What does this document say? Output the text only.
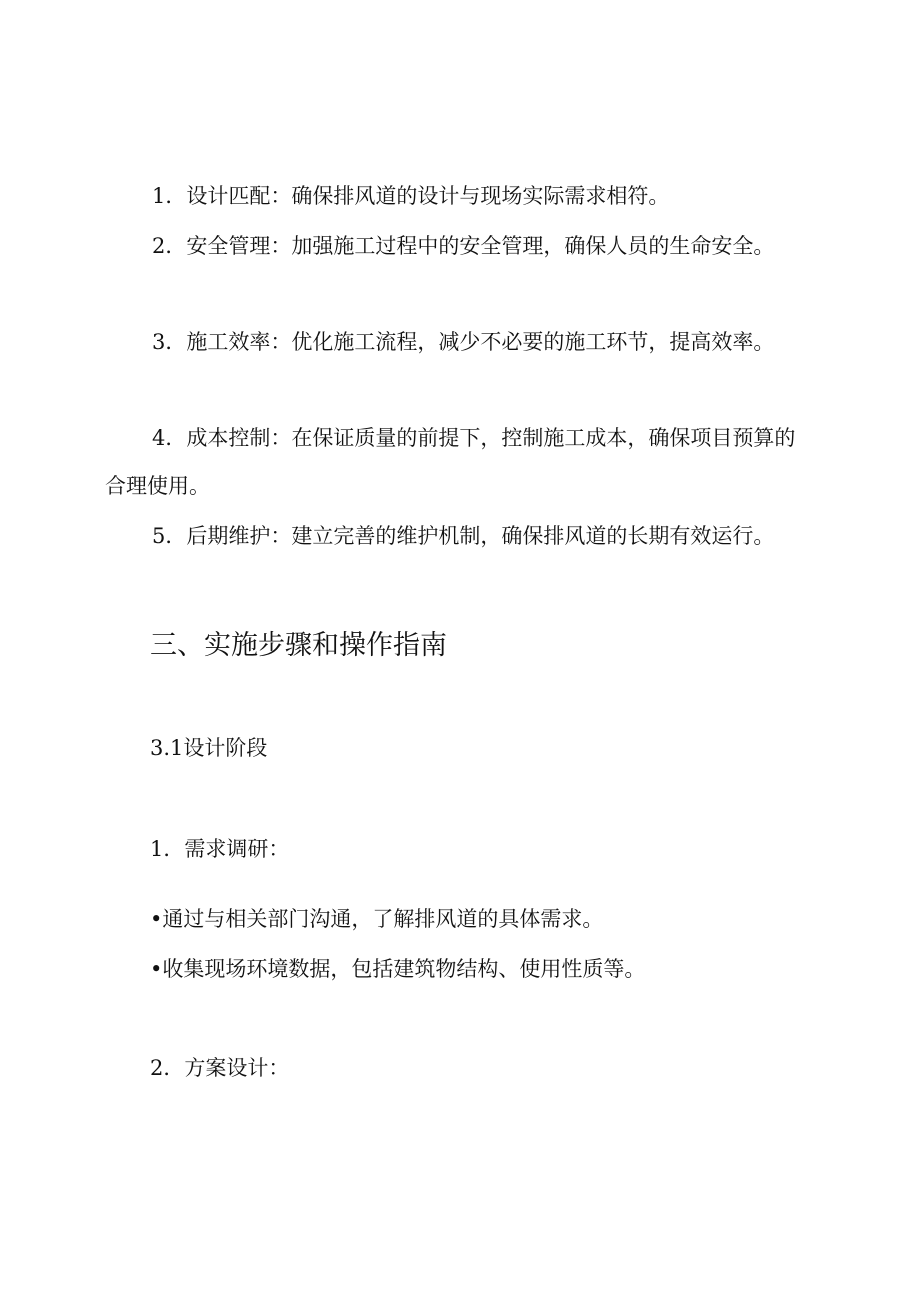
1．设计匹配：确保排风道的设计与现场实际需求相符。

2．安全管理：加强施工过程中的安全管理，确保人员的生命安全。

3．施工效率：优化施工流程，减少不必要的施工环节，提高效率。

4．成本控制：在保证质量的前提下，控制施工成本，确保项目预算的合理使用。

5．后期维护：建立完善的维护机制，确保排风道的长期有效运行。

三、实施步骤和操作指南

3.1设计阶段

1．需求调研：

•通过与相关部门沟通，了解排风道的具体需求。

•收集现场环境数据，包括建筑物结构、使用性质等。

2．方案设计：
